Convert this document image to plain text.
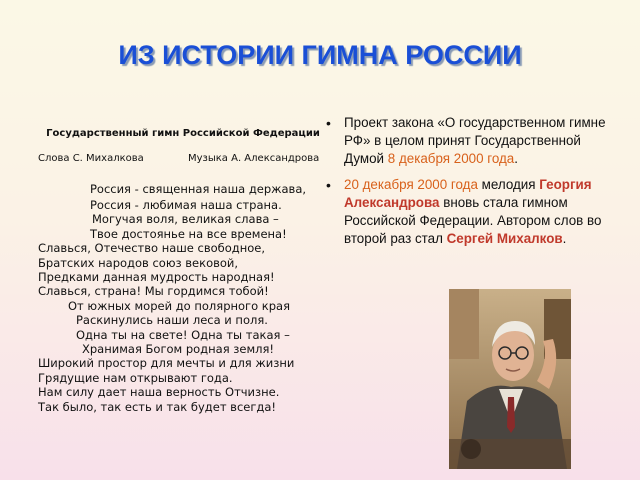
ИЗ ИСТОРИИ ГИМНА РОССИИ
Государственный гимн Российской Федерации
Слова С. Михалкова	Музыка А. Александрова
Россия - священная наша держава,
Россия - любимая наша страна.
Могучая воля, великая слава –
Твое достоянье на все времена!
Славься, Отечество наше свободное,
Братских народов союз вековой,
Предками данная мудрость народная!
Славься, страна! Мы гордимся тобой!
От южных морей до полярного края
Раскинулись наши леса и поля.
Одна ты на свете! Одна ты такая –
Хранимая Богом родная земля!
Широкий простор для мечты и для жизни
Грядущие нам открывают года.
Нам силу дает наша верность Отчизне.
Так было, так есть и так будет всегда!
• Проект закона «О государственном гимне РФ» в целом принят Государственной Думой 8 декабря 2000 года.
• 20 декабря 2000 года мелодия Георгия Александрова вновь стала гимном Российской Федерации. Автором слов во второй раз стал Сергей Михалков.
